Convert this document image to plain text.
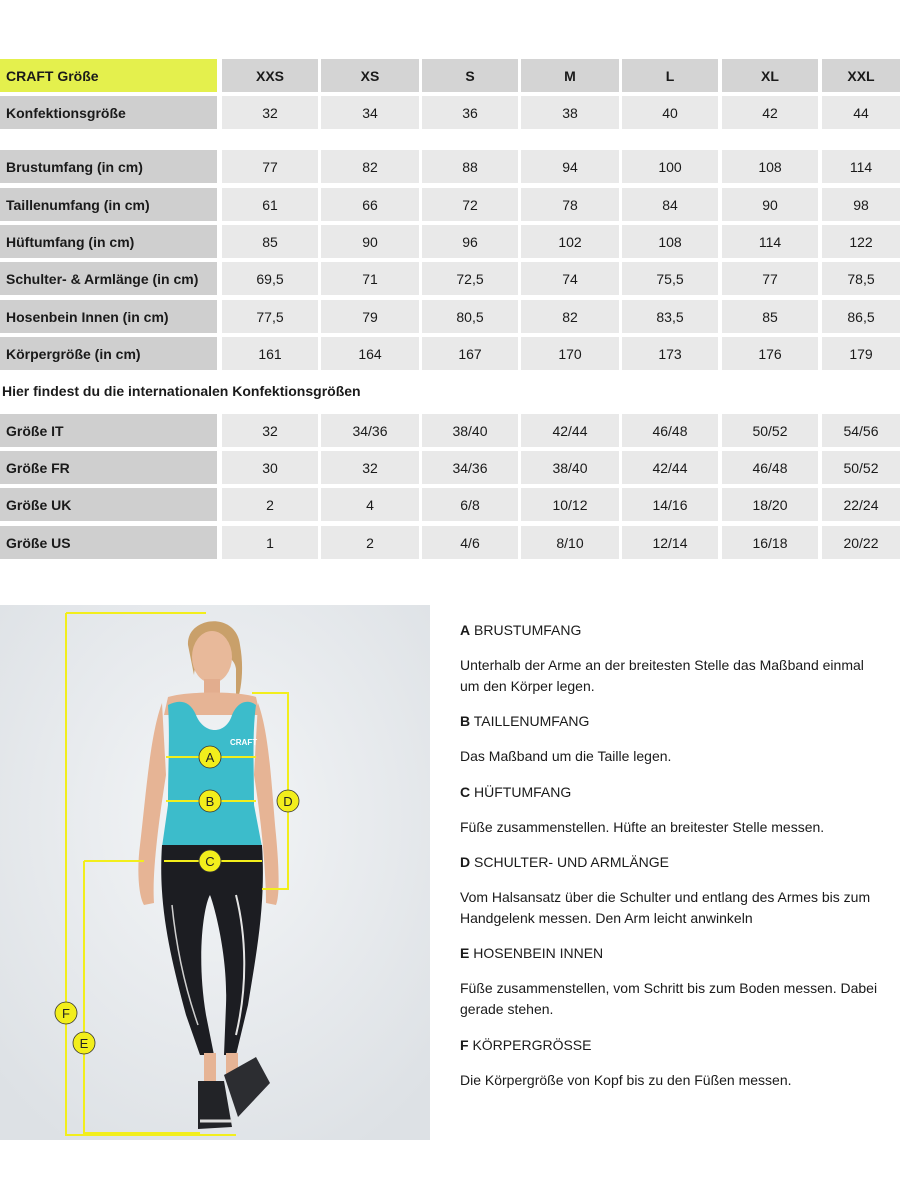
CRAFT Größe	XXS	XS	S	M	L	XL	XXL
Konfektionsgröße	32	34	36	38	40	42	44
Brustumfang (in cm)	77	82	88	94	100	108	114
Taillenumfang (in cm)	61	66	72	78	84	90	98
Hüftumfang (in cm)	85	90	96	102	108	114	122
Schulter- & Armlänge (in cm)	69,5	71	72,5	74	75,5	77	78,5
Hosenbein Innen (in cm)	77,5	79	80,5	82	83,5	85	86,5
Körpergröße (in cm)	161	164	167	170	173	176	179
Größe IT	32	34/36	38/40	42/44	46/48	50/52	54/56
Größe FR	30	32	34/36	38/40	42/44	46/48	50/52
Größe UK	2	4	6/8	10/12	14/16	18/20	22/24
Größe US	1	2	4/6	8/10	12/14	16/18	20/22
Hier findest du die internationalen Konfektionsgrößen
CRAFT
A
B
C
D
E
F
A BRUSTUMFANG
Unterhalb der Arme an der breitesten Stelle das Maßband einmal um den Körper legen.
B TAILLENUMFANG
Das Maßband um die Taille legen.
C HÜFTUMFANG
Füße zusammenstellen. Hüfte an breitester Stelle messen.
D SCHULTER- UND ARMLÄNGE
Vom Halsansatz über die Schulter und entlang des Armes bis zum Handgelenk messen. Den Arm leicht anwinkeln
E HOSENBEIN INNEN
Füße zusammenstellen, vom Schritt bis zum Boden messen. Dabei gerade stehen.
F KÖRPERGRÖSSE
Die Körpergröße von Kopf bis zu den Füßen messen.
